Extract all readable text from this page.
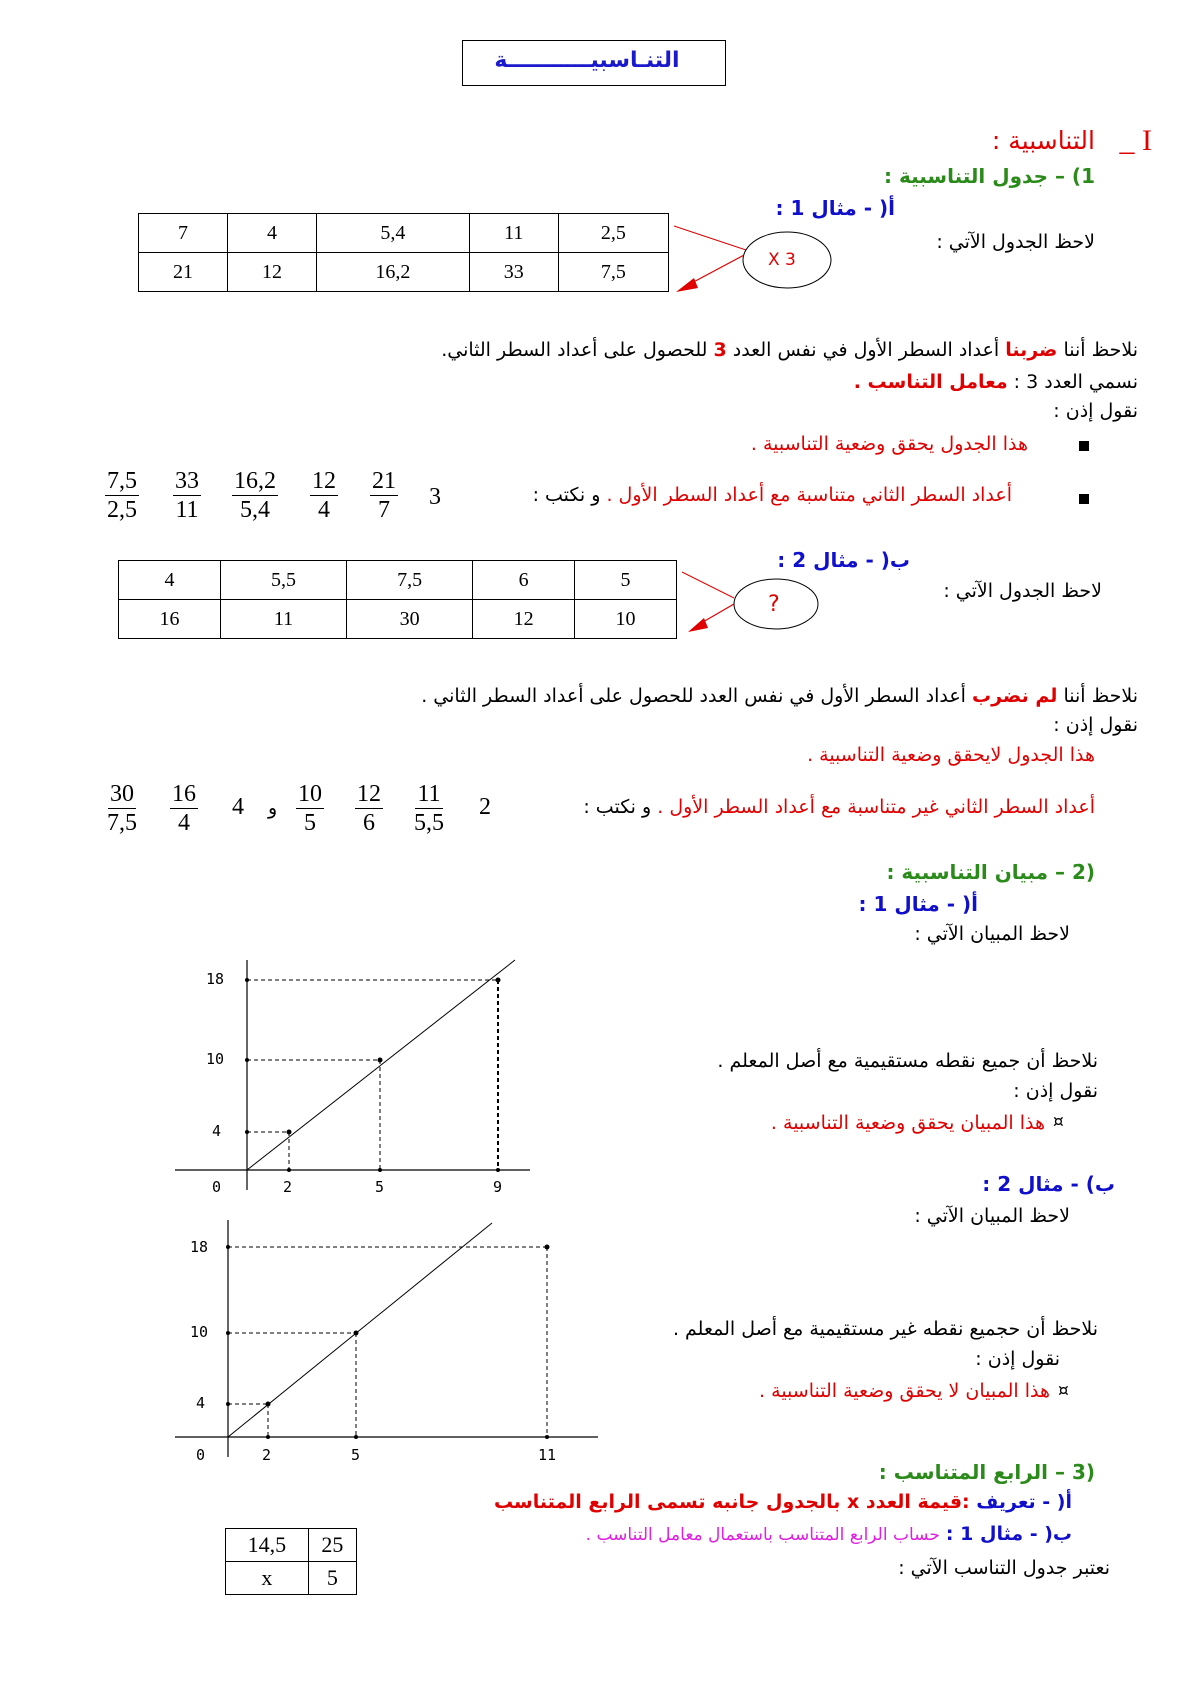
التنـاسبيـــــــــــة
I _
التناسبية :
1) – جدول التناسبية :
أ( - مثال 1 :
لاحظ الجدول الآتي :
7	4	5,4	11	2,5
21	12	16,2	33	7,5
X 3
نلاحظ أننا ضربنا أعداد السطر الأول في نفس العدد 3 للحصول على أعداد السطر الثاني.
نسمي العدد 3 : معامل التناسب .
نقول إذن :
هذا الجدول يحقق وضعية التناسبية .
أعداد السطر الثاني متناسبة مع أعداد السطر الأول . و نكتب :
3
$\frac{7,5}{2,5} \frac{33}{11} \frac{16,2}{5,4} \frac{12}{4} \frac{21}{7}$
ب( - مثال 2 :
لاحظ الجدول الآتي :
4	5,5	7,5	6	5
16	11	30	12	10
?
نلاحظ أننا لم نضرب أعداد السطر الأول في نفس العدد للحصول على أعداد السطر الثاني .
نقول إذن :
هذا الجدول لايحقق وضعية التناسبية .
أعداد السطر الثاني غير متناسبة مع أعداد السطر الأول . و نكتب :
2
و
4
$\frac{30}{7,5} \frac{16}{4}$	$\frac{10}{5} \frac{12}{6} \frac{11}{5,5}$
(2 – مبيان التناسبية :
أ( - مثال 1 :
لاحظ المبيان الآتي :
18
10
4
0	2	5	9
نلاحظ أن جميع نقطه مستقيمية مع أصل المعلم .
نقول إذن :
هذا المبيان يحقق وضعية التناسبية . ¤
ب) - مثال 2 :
لاحظ المبيان الآتي :
18
10
4
0	2	5	11
نلاحظ أن حجميع نقطه غير مستقيمية مع أصل المعلم .
نقول إذن :
هذا المبيان لا يحقق وضعية التناسبية . ¤
(3 – الرابع المتناسب :
أ( - تعريف :قيمة العدد x بالجدول جانبه تسمى الرابع المتناسب
ب( - مثال 1 : حساب الرابع المتناسب باستعمال معامل التناسب .
نعتبر جدول التناسب الآتي :
14,5	25
x	5
